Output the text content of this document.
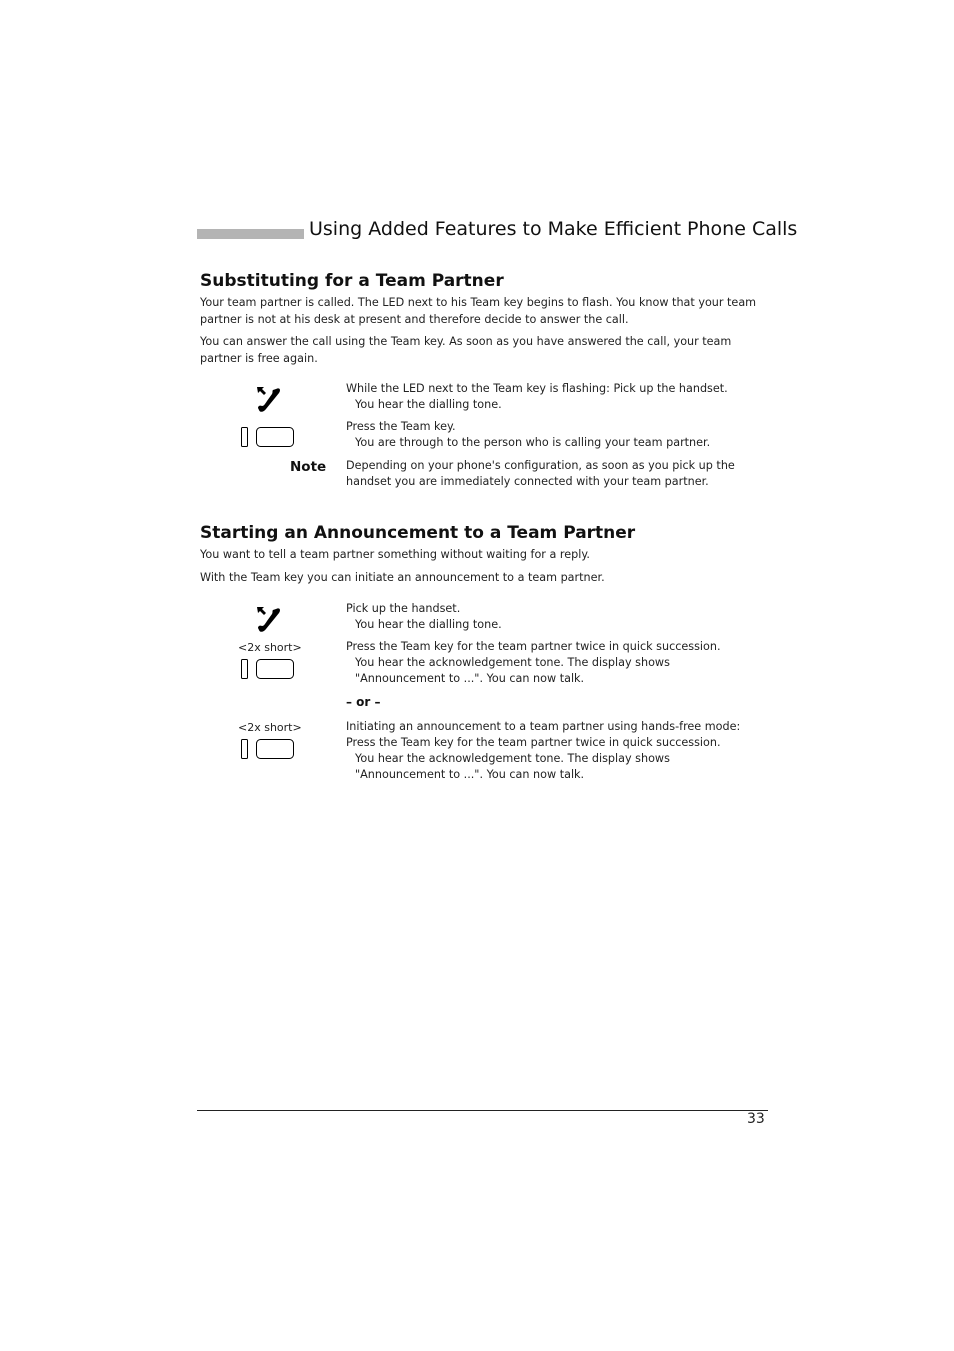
Using Added Features to Make Efficient Phone Calls
Substituting for a Team Partner
Your team partner is called. The LED next to his Team key begins to flash. You know that your team partner is not at his desk at present and therefore decide to answer the call.
You can answer the call using the Team key. As soon as you have answered the call, your team partner is free again.
While the LED next to the Team key is flashing: Pick up the handset.
You hear the dialling tone.
Press the Team key.
You are through to the person who is calling your team partner.
Note Depending on your phone's configuration, as soon as you pick up the handset you are immediately connected with your team partner.
Starting an Announcement to a Team Partner
You want to tell a team partner something without waiting for a reply.
With the Team key you can initiate an announcement to a team partner.
Pick up the handset.
You hear the dialling tone.
<2x short>	Press the Team key for the team partner twice in quick succession.
You hear the acknowledgement tone. The display shows
"Announcement to ...". You can now talk.
– or –
<2x short>	Initiating an announcement to a team partner using hands-free mode:
Press the Team key for the team partner twice in quick succession.
You hear the acknowledgement tone. The display shows
"Announcement to ...". You can now talk.
33
